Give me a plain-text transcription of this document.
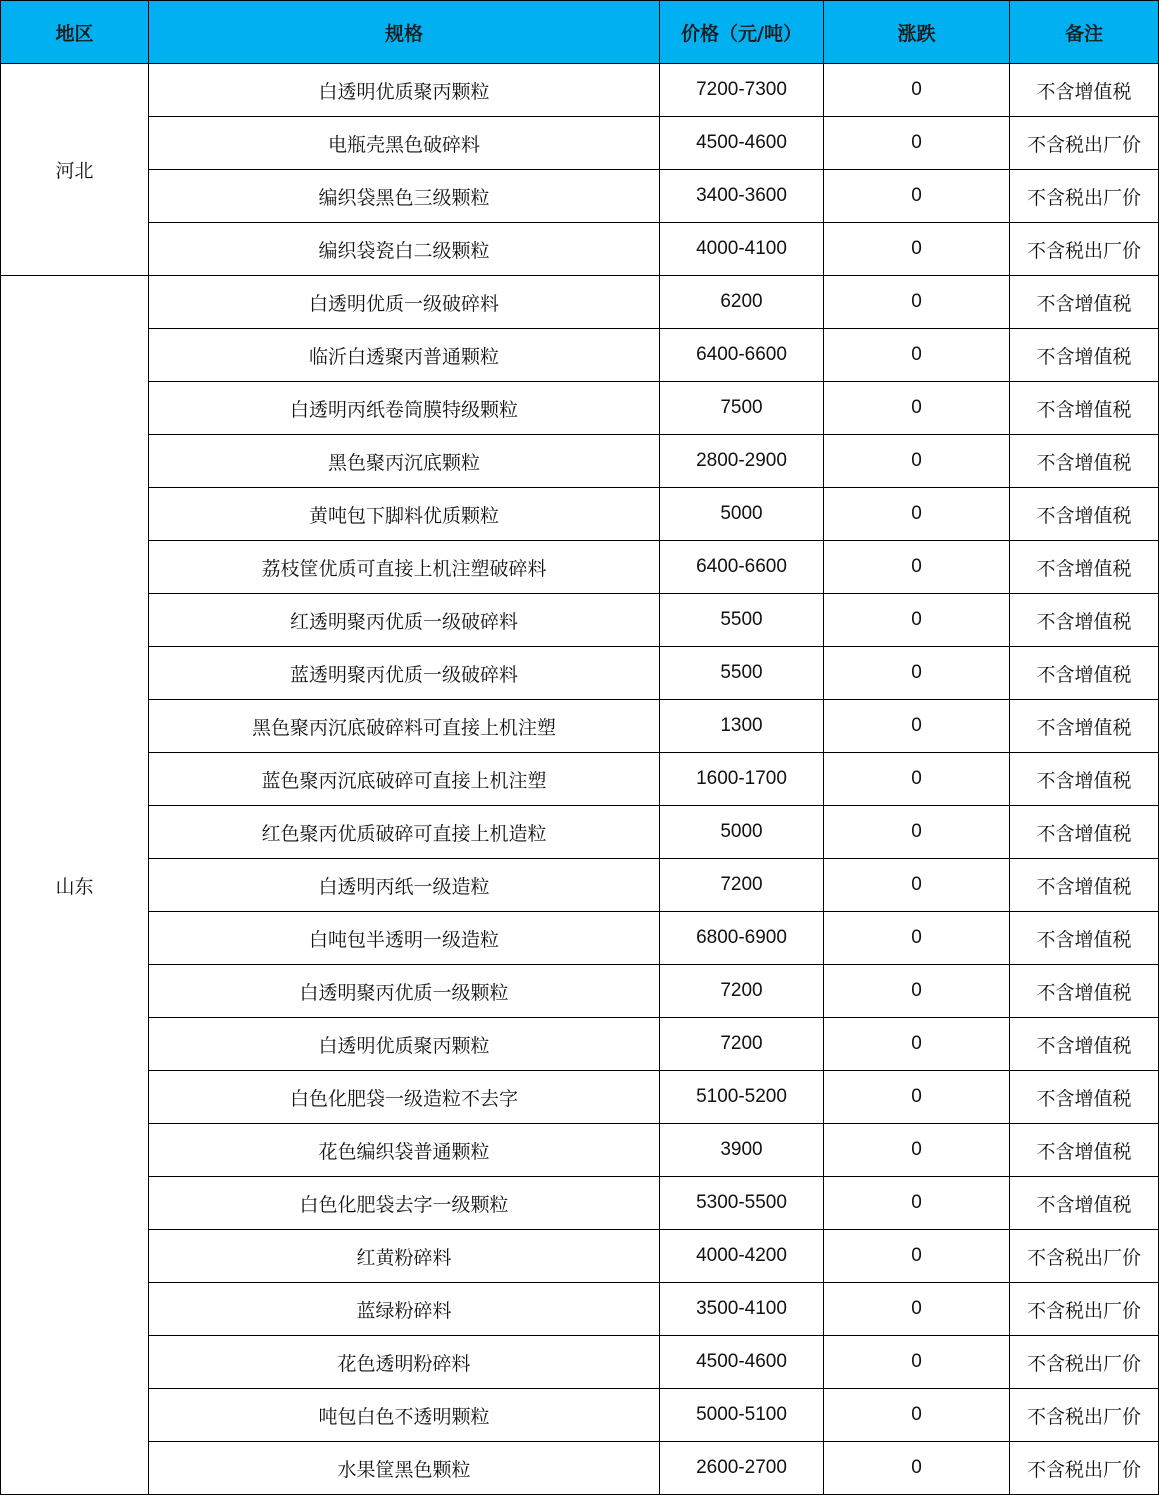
地区	规格	价格（元/吨）	涨跌	备注
河北	白透明优质聚丙颗粒	7200-7300	0	不含增值税
	电瓶壳黑色破碎料	4500-4600	0	不含税出厂价
	编织袋黑色三级颗粒	3400-3600	0	不含税出厂价
	编织袋瓷白二级颗粒	4000-4100	0	不含税出厂价
山东	白透明优质一级破碎料	6200	0	不含增值税
	临沂白透聚丙普通颗粒	6400-6600	0	不含增值税
	白透明丙纸卷筒膜特级颗粒	7500	0	不含增值税
	黑色聚丙沉底颗粒	2800-2900	0	不含增值税
	黄吨包下脚料优质颗粒	5000	0	不含增值税
	荔枝筐优质可直接上机注塑破碎料	6400-6600	0	不含增值税
	红透明聚丙优质一级破碎料	5500	0	不含增值税
	蓝透明聚丙优质一级破碎料	5500	0	不含增值税
	黑色聚丙沉底破碎料可直接上机注塑	1300	0	不含增值税
	蓝色聚丙沉底破碎可直接上机注塑	1600-1700	0	不含增值税
	红色聚丙优质破碎可直接上机造粒	5000	0	不含增值税
	白透明丙纸一级造粒	7200	0	不含增值税
	白吨包半透明一级造粒	6800-6900	0	不含增值税
	白透明聚丙优质一级颗粒	7200	0	不含增值税
	白透明优质聚丙颗粒	7200	0	不含增值税
	白色化肥袋一级造粒不去字	5100-5200	0	不含增值税
	花色编织袋普通颗粒	3900	0	不含增值税
	白色化肥袋去字一级颗粒	5300-5500	0	不含增值税
	红黄粉碎料	4000-4200	0	不含税出厂价
	蓝绿粉碎料	3500-4100	0	不含税出厂价
	花色透明粉碎料	4500-4600	0	不含税出厂价
	吨包白色不透明颗粒	5000-5100	0	不含税出厂价
	水果筐黑色颗粒	2600-2700	0	不含税出厂价
